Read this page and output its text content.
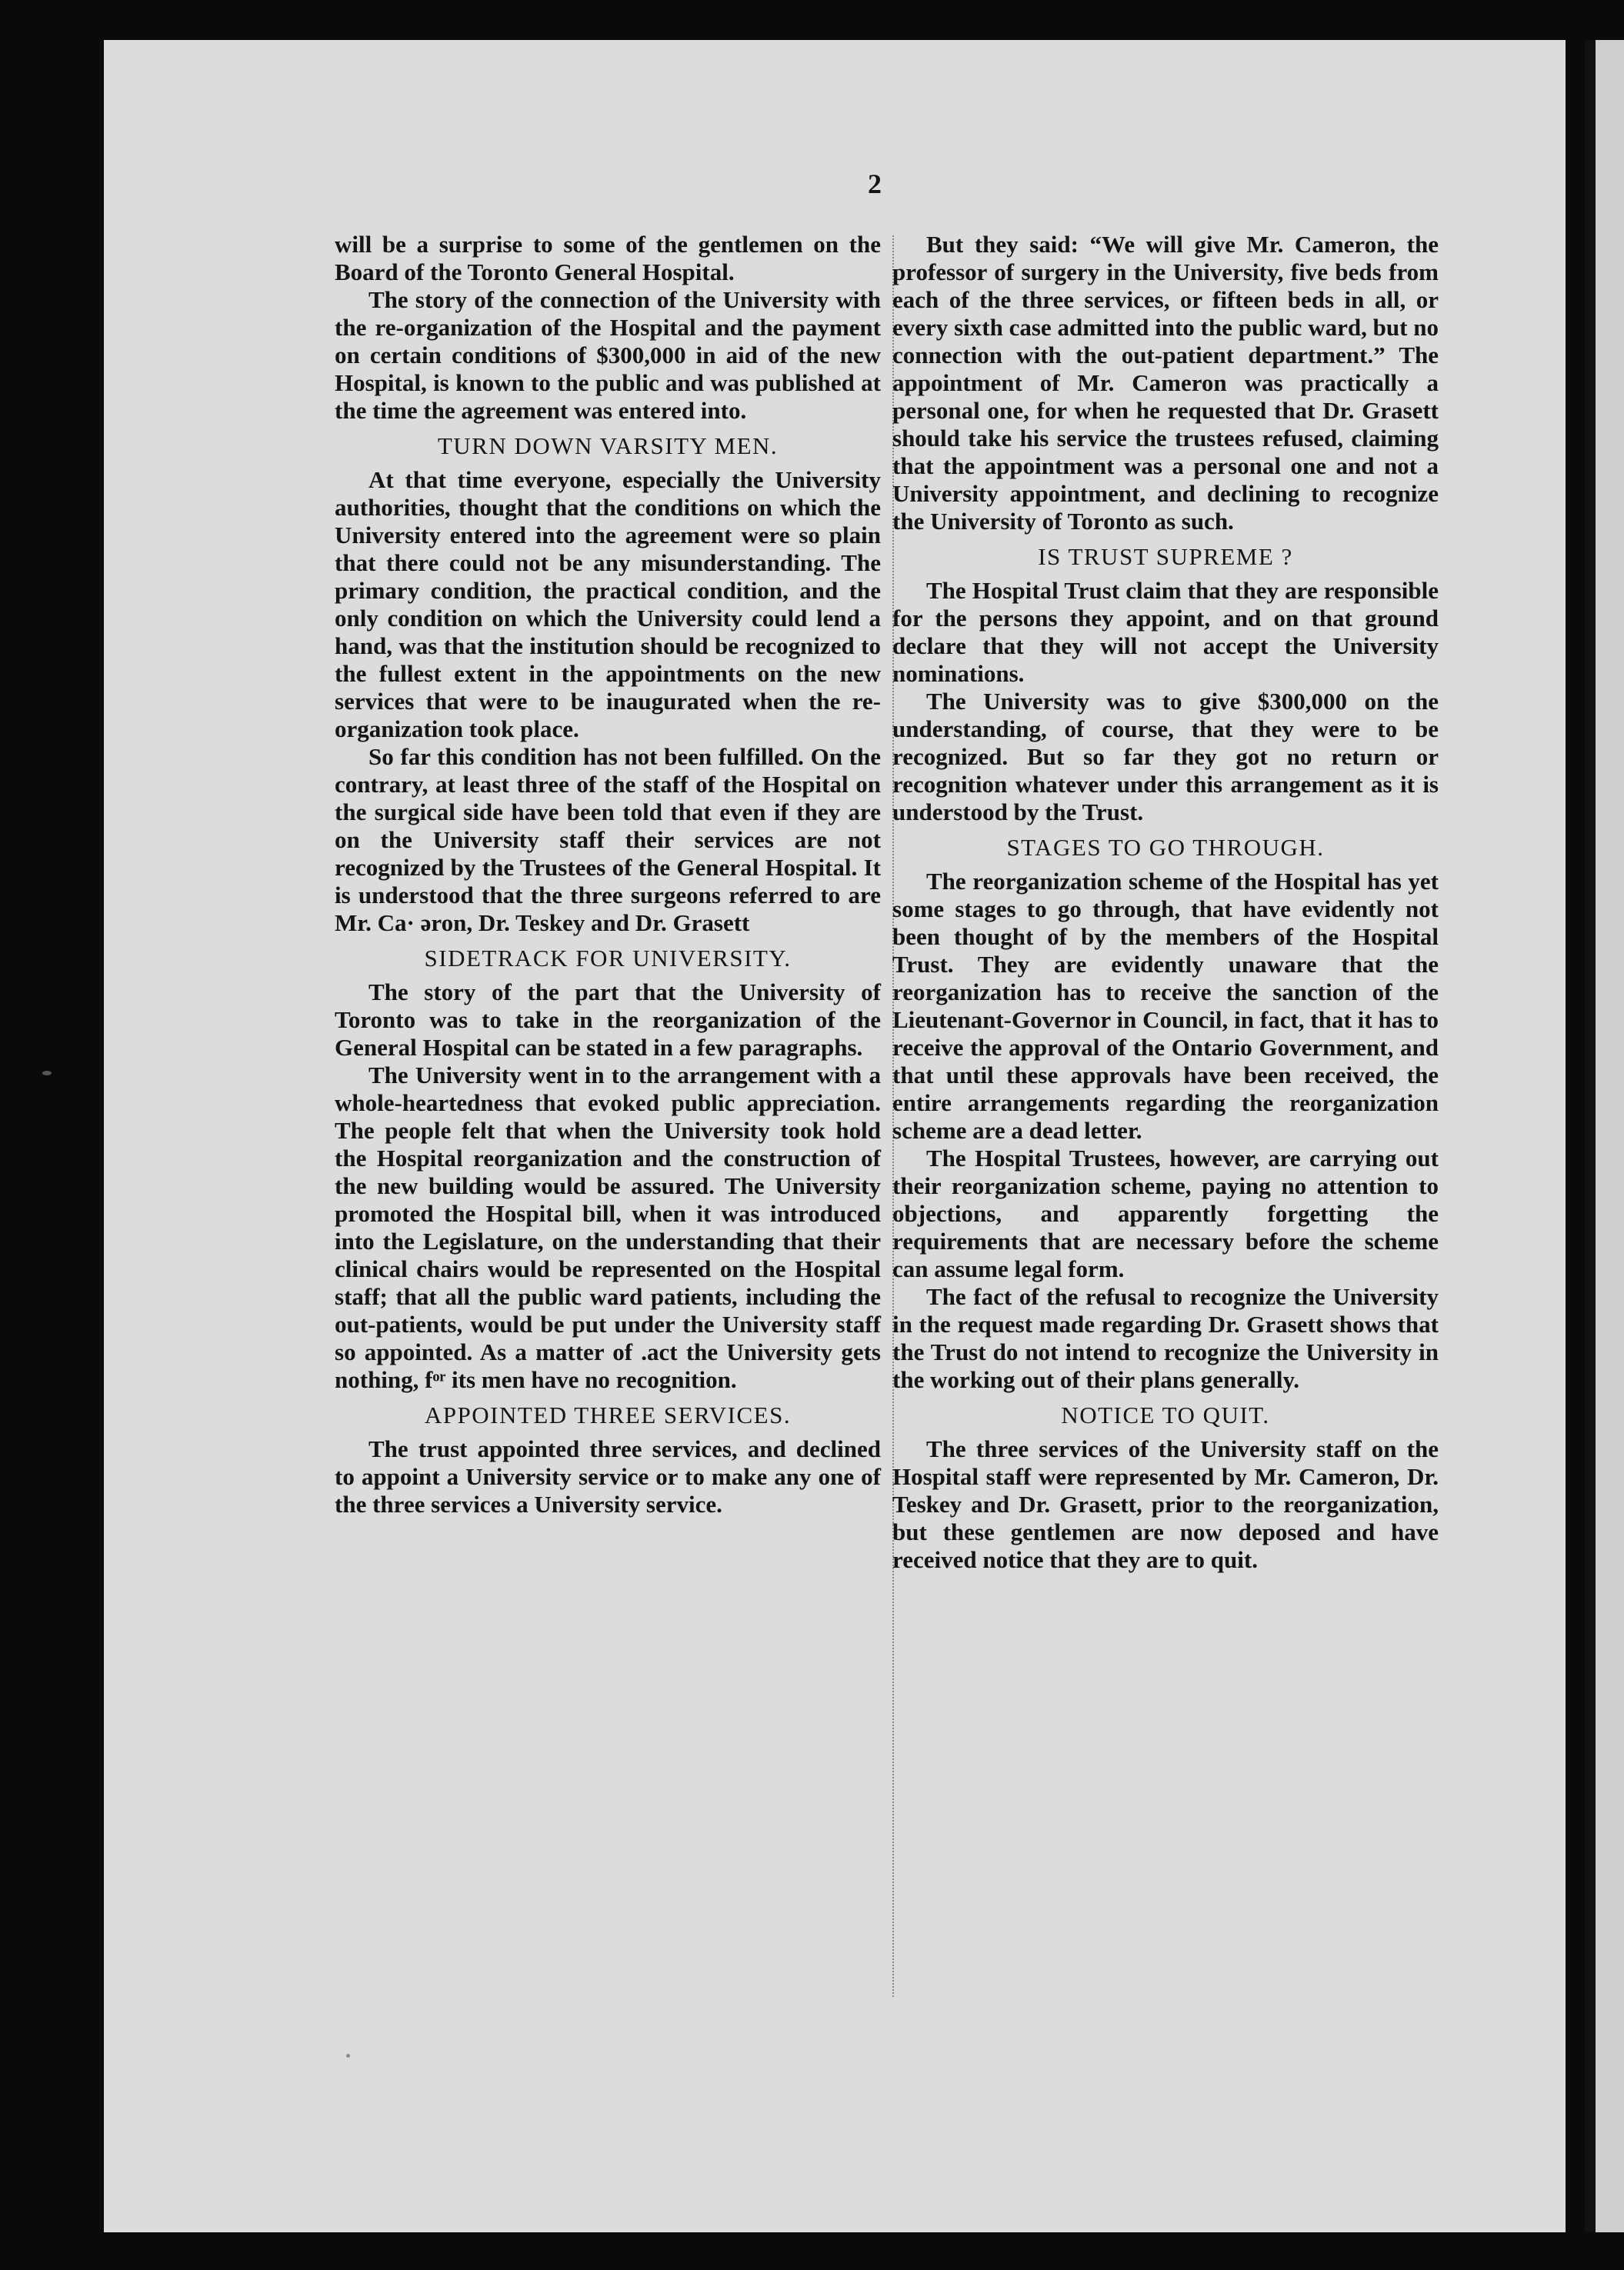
2

will be a surprise to some of the gentlemen on the Board of the Toronto General Hospital.

The story of the connection of the University with the re-organization of the Hospital and the payment on certain conditions of $300,000 in aid of the new Hospital, is known to the public and was published at the time the agreement was entered into.

TURN DOWN VARSITY MEN.

At that time everyone, especially the University authorities, thought that the conditions on which the University entered into the agreement were so plain that there could not be any misunderstanding. The primary condition, the practical condition, and the only condition on which the University could lend a hand, was that the institution should be recognized to the fullest extent in the appointments on the new services that were to be inaugurated when the re-organization took place.

So far this condition has not been fulfilled. On the contrary, at least three of the staff of the Hospital on the surgical side have been told that even if they are on the University staff their services are not recognized by the Trustees of the General Hospital. It is understood that the three surgeons referred to are Mr. Ca· əron, Dr. Teskey and Dr. Grasett

SIDETRACK FOR UNIVERSITY.

The story of the part that the University of Toronto was to take in the reorganization of the General Hospital can be stated in a few paragraphs.

The University went in to the arrangement with a whole-heartedness that evoked public appreciation. The people felt that when the University took hold the Hospital reorganization and the construction of the new building would be assured. The University promoted the Hospital bill, when it was introduced into the Legislature, on the understanding that their clinical chairs would be represented on the Hospital staff; that all the public ward patients, including the out-patients, would be put under the University staff so appointed. As a matter of .act the University gets nothing, fᵒʳ its men have no recognition.

APPOINTED THREE SERVICES.

The trust appointed three services, and declined to appoint a University service or to make any one of the three services a University service.

But they said: “We will give Mr. Cameron, the professor of surgery in the University, five beds from each of the three services, or fifteen beds in all, or every sixth case admitted into the public ward, but no connection with the out-patient department.” The appointment of Mr. Cameron was practically a personal one, for when he requested that Dr. Grasett should take his service the trustees refused, claiming that the appointment was a personal one and not a University appointment, and declining to recognize the University of Toronto as such.

IS TRUST SUPREME ?

The Hospital Trust claim that they are responsible for the persons they appoint, and on that ground declare that they will not accept the University nominations.

The University was to give $300,000 on the understanding, of course, that they were to be recognized. But so far they got no return or recognition whatever under this arrangement as it is understood by the Trust.

STAGES TO GO THROUGH.

The reorganization scheme of the Hospital has yet some stages to go through, that have evidently not been thought of by the members of the Hospital Trust. They are evidently unaware that the reorganization has to receive the sanction of the Lieutenant-Governor in Council, in fact, that it has to receive the approval of the Ontario Government, and that until these approvals have been received, the entire arrangements regarding the reorganization scheme are a dead letter.

The Hospital Trustees, however, are carrying out their reorganization scheme, paying no attention to objections, and apparently forgetting the requirements that are necessary before the scheme can assume legal form.

The fact of the refusal to recognize the University in the request made regarding Dr. Grasett shows that the Trust do not intend to recognize the University in the working out of their plans generally.

NOTICE TO QUIT.

The three services of the University staff on the Hospital staff were represented by Mr. Cameron, Dr. Teskey and Dr. Grasett, prior to the reorganization, but these gentlemen are now deposed and have received notice that they are to quit.
